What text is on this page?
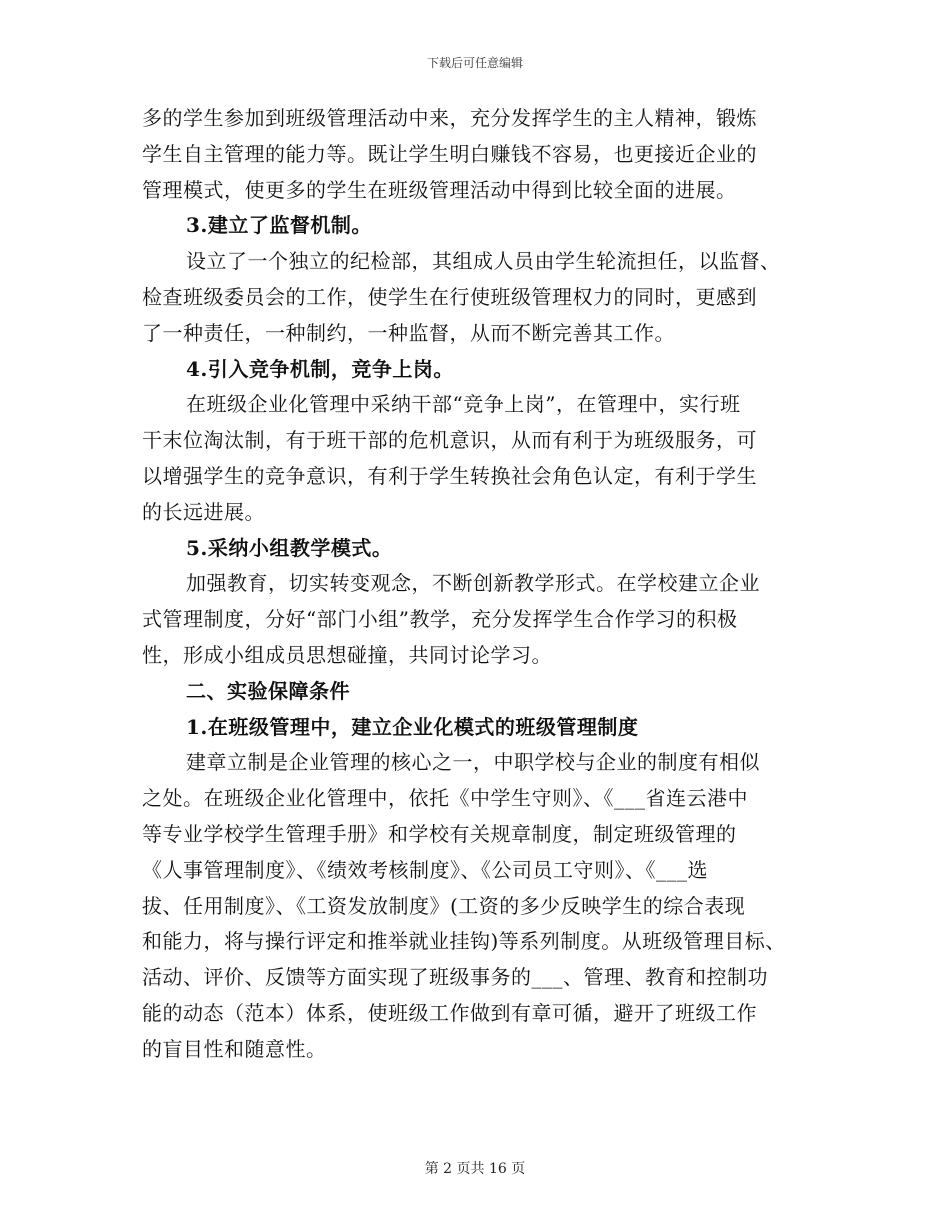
下载后可任意编辑
多的学生参加到班级管理活动中来，充分发挥学生的主人精神，锻炼
学生自主管理的能力等。既让学生明白赚钱不容易，也更接近企业的
管理模式，使更多的学生在班级管理活动中得到比较全面的进展。
3.建立了监督机制。
设立了一个独立的纪检部，其组成人员由学生轮流担任，以监督、
检查班级委员会的工作，使学生在行使班级管理权力的同时，更感到
了一种责任，一种制约，一种监督，从而不断完善其工作。
4.引入竞争机制，竞争上岗。
在班级企业化管理中采纳干部“竞争上岗”，在管理中，实行班
干末位淘汰制，有于班干部的危机意识，从而有利于为班级服务，可
以增强学生的竞争意识，有利于学生转换社会角色认定，有利于学生
的长远进展。
5.采纳小组教学模式。
加强教育，切实转变观念，不断创新教学形式。在学校建立企业
式管理制度，分好“部门小组”教学，充分发挥学生合作学习的积极
性，形成小组成员思想碰撞，共同讨论学习。
二、实验保障条件
1.在班级管理中，建立企业化模式的班级管理制度
建章立制是企业管理的核心之一，中职学校与企业的制度有相似
之处。在班级企业化管理中，依托《中学生守则》、《___省连云港中
等专业学校学生管理手册》和学校有关规章制度，制定班级管理的
《人事管理制度》、《绩效考核制度》、《公司员工守则》、《___选
拔、任用制度》、《工资发放制度》(工资的多少反映学生的综合表现
和能力，将与操行评定和推举就业挂钩)等系列制度。从班级管理目标、
活动、评价、反馈等方面实现了班级事务的___、管理、教育和控制功
能的动态（范本）体系，使班级工作做到有章可循，避开了班级工作
的盲目性和随意性。
第 2 页共 16 页
